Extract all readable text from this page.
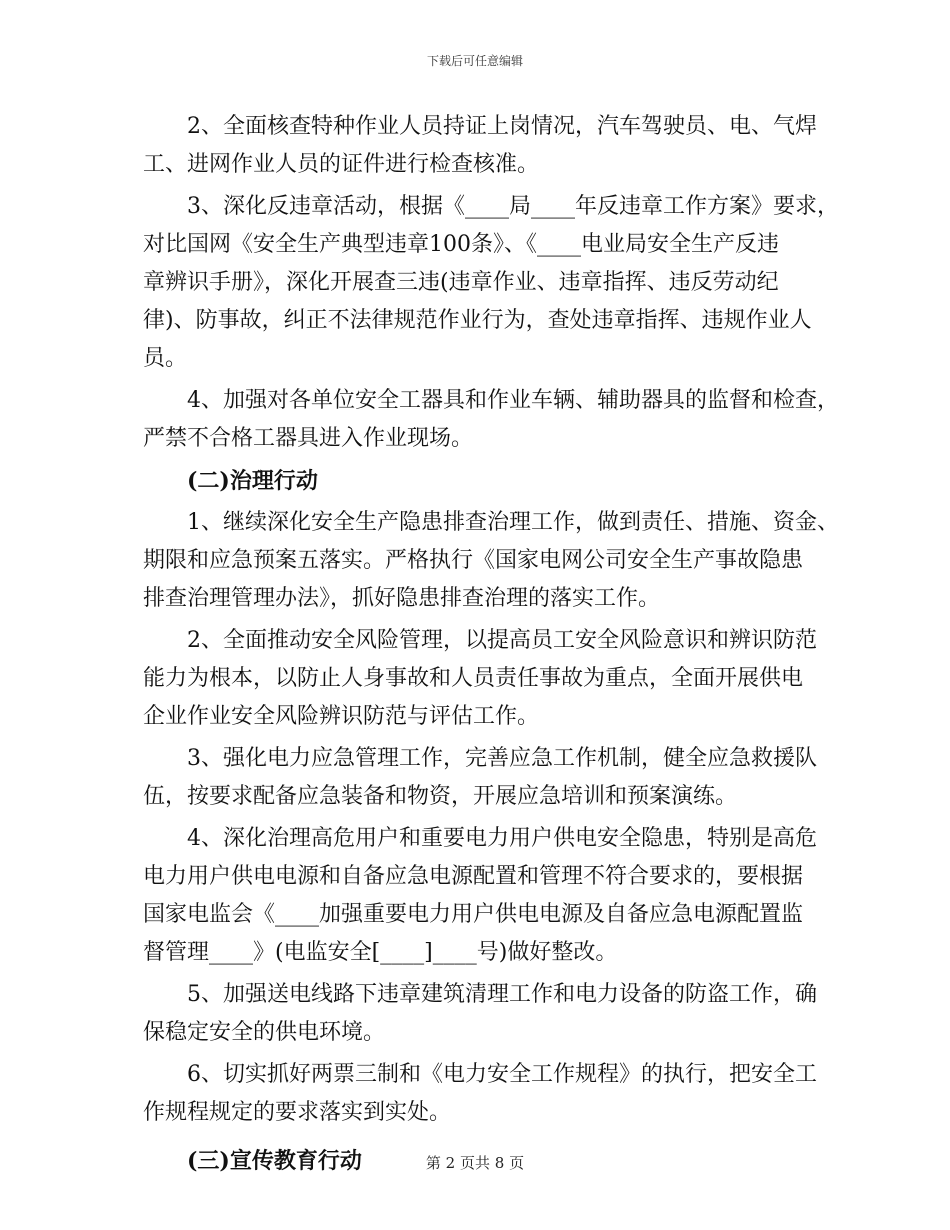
下载后可任意编辑
2、全面核查特种作业人员持证上岗情况，汽车驾驶员、电、气焊
工、进网作业人员的证件进行检查核准。
3、深化反违章活动，根据《____局____年反违章工作方案》要求，
对比国网《安全生产典型违章100条》、《____电业局安全生产反违
章辨识手册》，深化开展查三违(违章作业、违章指挥、违反劳动纪
律)、防事故，纠正不法律规范作业行为，查处违章指挥、违规作业人
员。
4、加强对各单位安全工器具和作业车辆、辅助器具的监督和检查，
严禁不合格工器具进入作业现场。
(二)治理行动
1、继续深化安全生产隐患排查治理工作，做到责任、措施、资金、
期限和应急预案五落实。严格执行《国家电网公司安全生产事故隐患
排查治理管理办法》，抓好隐患排查治理的落实工作。
2、全面推动安全风险管理，以提高员工安全风险意识和辨识防范
能力为根本，以防止人身事故和人员责任事故为重点，全面开展供电
企业作业安全风险辨识防范与评估工作。
3、强化电力应急管理工作，完善应急工作机制，健全应急救援队
伍，按要求配备应急装备和物资，开展应急培训和预案演练。
4、深化治理高危用户和重要电力用户供电安全隐患，特别是高危
电力用户供电电源和自备应急电源配置和管理不符合要求的，要根据
国家电监会《____加强重要电力用户供电电源及自备应急电源配置监
督管理____》(电监安全[____]____号)做好整改。
5、加强送电线路下违章建筑清理工作和电力设备的防盗工作，确
保稳定安全的供电环境。
6、切实抓好两票三制和《电力安全工作规程》的执行，把安全工
作规程规定的要求落实到实处。
(三)宣传教育行动	第 2 页共 8 页
